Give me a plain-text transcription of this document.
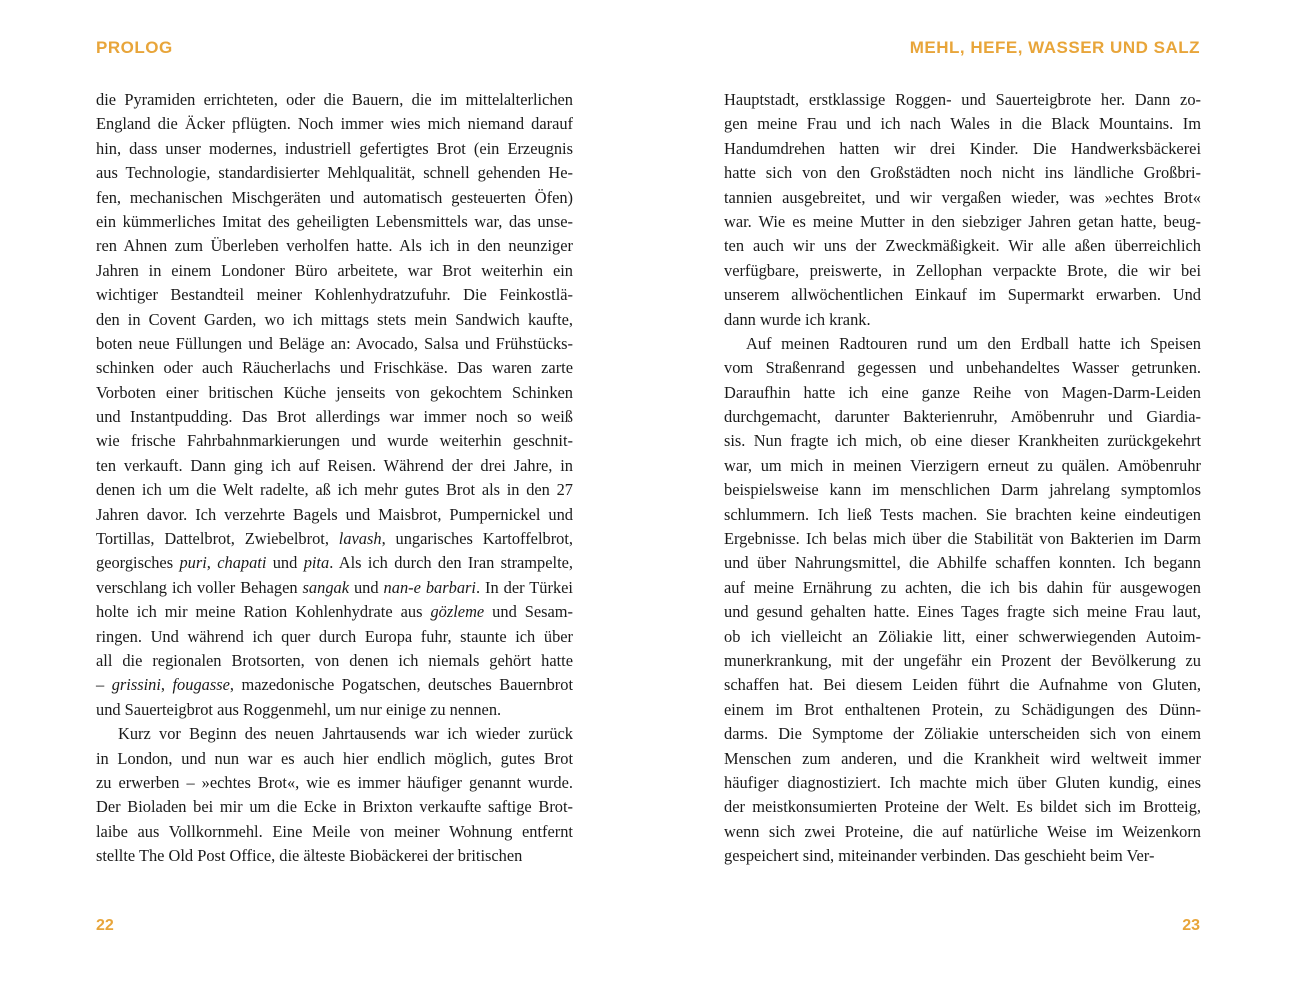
PROLOG
die Pyramiden errichteten, oder die Bauern, die im mittelalterlichen
England die Äcker pflügten. Noch immer wies mich niemand darauf
hin, dass unser modernes, industriell gefertigtes Brot (ein Erzeugnis
aus Technologie, standardisierter Mehlqualität, schnell gehenden He-
fen, mechanischen Mischgeräten und automatisch gesteuerten Öfen)
ein kümmerliches Imitat des geheiligten Lebensmittels war, das unse-
ren Ahnen zum Überleben verholfen hatte. Als ich in den neunziger
Jahren in einem Londoner Büro arbeitete, war Brot weiterhin ein
wichtiger Bestandteil meiner Kohlenhydratzufuhr. Die Feinkostlä-
den in Covent Garden, wo ich mittags stets mein Sandwich kaufte,
boten neue Füllungen und Beläge an: Avocado, Salsa und Frühstücks-
schinken oder auch Räucherlachs und Frischkäse. Das waren zarte
Vorboten einer britischen Küche jenseits von gekochtem Schinken
und Instantpudding. Das Brot allerdings war immer noch so weiß
wie frische Fahrbahnmarkierungen und wurde weiterhin geschnit-
ten verkauft. Dann ging ich auf Reisen. Während der drei Jahre, in
denen ich um die Welt radelte, aß ich mehr gutes Brot als in den 27
Jahren davor. Ich verzehrte Bagels und Maisbrot, Pumpernickel und
Tortillas, Dattelbrot, Zwiebelbrot, lavash, ungarisches Kartoffelbrot,
georgisches puri, chapati und pita. Als ich durch den Iran strampelte,
verschlang ich voller Behagen sangak und nan-e barbari. In der Türkei
holte ich mir meine Ration Kohlenhydrate aus gözleme und Sesam-
ringen. Und während ich quer durch Europa fuhr, staunte ich über
all die regionalen Brotsorten, von denen ich niemals gehört hatte
– grissini, fougasse, mazedonische Pogatschen, deutsches Bauernbrot
und Sauerteigbrot aus Roggenmehl, um nur einige zu nennen.
Kurz vor Beginn des neuen Jahrtausends war ich wieder zurück
in London, und nun war es auch hier endlich möglich, gutes Brot
zu erwerben – »echtes Brot«, wie es immer häufiger genannt wurde.
Der Bioladen bei mir um die Ecke in Brixton verkaufte saftige Brot-
laibe aus Vollkornmehl. Eine Meile von meiner Wohnung entfernt
stellte The Old Post Office, die älteste Biobäckerei der britischen
22
MEHL, HEFE, WASSER UND SALZ
Hauptstadt, erstklassige Roggen- und Sauerteigbrote her. Dann zo-
gen meine Frau und ich nach Wales in die Black Mountains. Im
Handumdrehen hatten wir drei Kinder. Die Handwerksbäckerei
hatte sich von den Großstädten noch nicht ins ländliche Großbri-
tannien ausgebreitet, und wir vergaßen wieder, was »echtes Brot«
war. Wie es meine Mutter in den siebziger Jahren getan hatte, beug-
ten auch wir uns der Zweckmäßigkeit. Wir alle aßen überreichlich
verfügbare, preiswerte, in Zellophan verpackte Brote, die wir bei
unserem allwöchentlichen Einkauf im Supermarkt erwarben. Und
dann wurde ich krank.
Auf meinen Radtouren rund um den Erdball hatte ich Speisen
vom Straßenrand gegessen und unbehandeltes Wasser getrunken.
Daraufhin hatte ich eine ganze Reihe von Magen-Darm-Leiden
durchgemacht, darunter Bakterienruhr, Amöbenruhr und Giardia-
sis. Nun fragte ich mich, ob eine dieser Krankheiten zurückgekehrt
war, um mich in meinen Vierzigern erneut zu quälen. Amöbenruhr
beispielsweise kann im menschlichen Darm jahrelang symptomlos
schlummern. Ich ließ Tests machen. Sie brachten keine eindeutigen
Ergebnisse. Ich belas mich über die Stabilität von Bakterien im Darm
und über Nahrungsmittel, die Abhilfe schaffen konnten. Ich begann
auf meine Ernährung zu achten, die ich bis dahin für ausgewogen
und gesund gehalten hatte. Eines Tages fragte sich meine Frau laut,
ob ich vielleicht an Zöliakie litt, einer schwerwiegenden Autoim-
munerkrankung, mit der ungefähr ein Prozent der Bevölkerung zu
schaffen hat. Bei diesem Leiden führt die Aufnahme von Gluten,
einem im Brot enthaltenen Protein, zu Schädigungen des Dünn-
darms. Die Symptome der Zöliakie unterscheiden sich von einem
Menschen zum anderen, und die Krankheit wird weltweit immer
häufiger diagnostiziert. Ich machte mich über Gluten kundig, eines
der meistkonsumierten Proteine der Welt. Es bildet sich im Brotteig,
wenn sich zwei Proteine, die auf natürliche Weise im Weizenkorn
gespeichert sind, miteinander verbinden. Das geschieht beim Ver-
23
